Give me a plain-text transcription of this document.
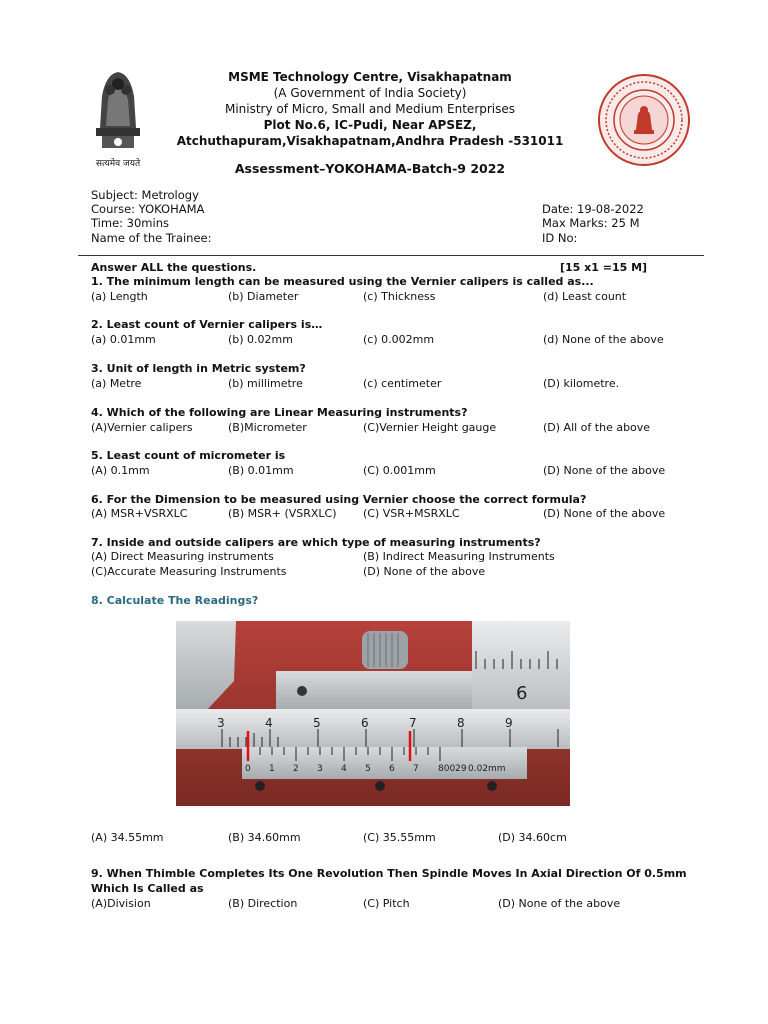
सत्यमेव जयते
MSME Technology Centre, Visakhapatnam
(A Government of India Society)
Ministry of Micro, Small and Medium Enterprises
Plot No.6, IC-Pudi, Near APSEZ,
Atchuthapuram,Visakhapatnam,Andhra Pradesh -531011
Assessment–YOKOHAMA-Batch-9 2022
Subject: Metrology
Course: YOKOHAMA
Time: 30mins
Name of the Trainee:
Date: 19-08-2022
Max Marks: 25 M
ID No:
Answer ALL the questions.	[15 x1 =15 M]
1. The minimum length can be measured using the Vernier calipers is called as...
(a) Length	(b) Diameter	(c) Thickness	(d) Least count
2. Least count of Vernier calipers is…
(a) 0.01mm	(b) 0.02mm	(c) 0.002mm	(d) None of the above
3. Unit of length in Metric system?
(a) Metre	(b) millimetre	(c) centimeter	(D) kilometre.
4. Which of the following are Linear Measuring instruments?
(A)Vernier calipers	(B)Micrometer	(C)Vernier Height gauge	(D) All of the above
5. Least count of micrometer is
(A) 0.1mm	(B) 0.01mm	(C) 0.001mm	(D) None of the above
6. For the Dimension to be measured using Vernier choose the correct formula?
(A) MSR+VSRXLC	(B) MSR+ (VSRXLC) (C) VSR+MSRXLC	(D) None of the above
7. Inside and outside calipers are which type of measuring instruments?
(A) Direct Measuring instruments	(B) Indirect Measuring Instruments
(C)Accurate Measuring Instruments	(D) None of the above
8. Calculate The Readings?
6
3	4	5	6	7	8	9
0 1 2 3 4 5 6 7 80029 0.02mm
(A) 34.55mm	(B) 34.60mm	(C) 35.55mm	(D) 34.60cm
9. When Thimble Completes Its One Revolution Then Spindle Moves In Axial Direction Of 0.5mm
Which Is Called as
(A)Division	(B) Direction	(C) Pitch	(D) None of the above
